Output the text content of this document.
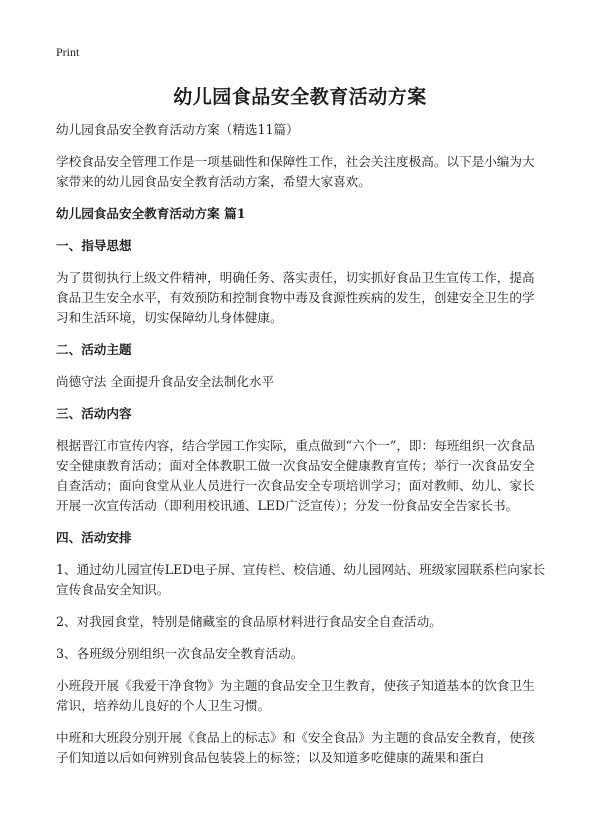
Print
幼儿园食品安全教育活动方案

幼儿园食品安全教育活动方案（精选11篇）

学校食品安全管理工作是一项基础性和保障性工作，社会关注度极高。以下是小编为大家带来的幼儿园食品安全教育活动方案，希望大家喜欢。

幼儿园食品安全教育活动方案 篇1

一、指导思想

为了贯彻执行上级文件精神，明确任务、落实责任，切实抓好食品卫生宣传工作，提高食品卫生安全水平，有效预防和控制食物中毒及食源性疾病的发生，创建安全卫生的学习和生活环境，切实保障幼儿身体健康。

二、活动主题

尚德守法 全面提升食品安全法制化水平

三、活动内容

根据晋江市宣传内容，结合学园工作实际，重点做到“六个一”，即：每班组织一次食品安全健康教育活动；面对全体教职工做一次食品安全健康教育宣传；举行一次食品安全自查活动；面向食堂从业人员进行一次食品安全专项培训学习；面对教师、幼儿、家长开展一次宣传活动（即利用校讯通、LED广泛宣传）；分发一份食品安全告家长书。

四、活动安排

1、通过幼儿园宣传LED电子屏、宣传栏、校信通、幼儿园网站、班级家园联系栏向家长宣传食品安全知识。

2、对我园食堂，特别是储藏室的食品原材料进行食品安全自查活动。

3、各班级分别组织一次食品安全教育活动。

小班段开展《我爱干净食物》为主题的食品安全卫生教育，使孩子知道基本的饮食卫生常识，培养幼儿良好的个人卫生习惯。

中班和大班段分别开展《食品上的标志》和《安全食品》为主题的食品安全教育，使孩子们知道以后如何辨别食品包装袋上的标签；以及知道多吃健康的蔬果和蛋白
